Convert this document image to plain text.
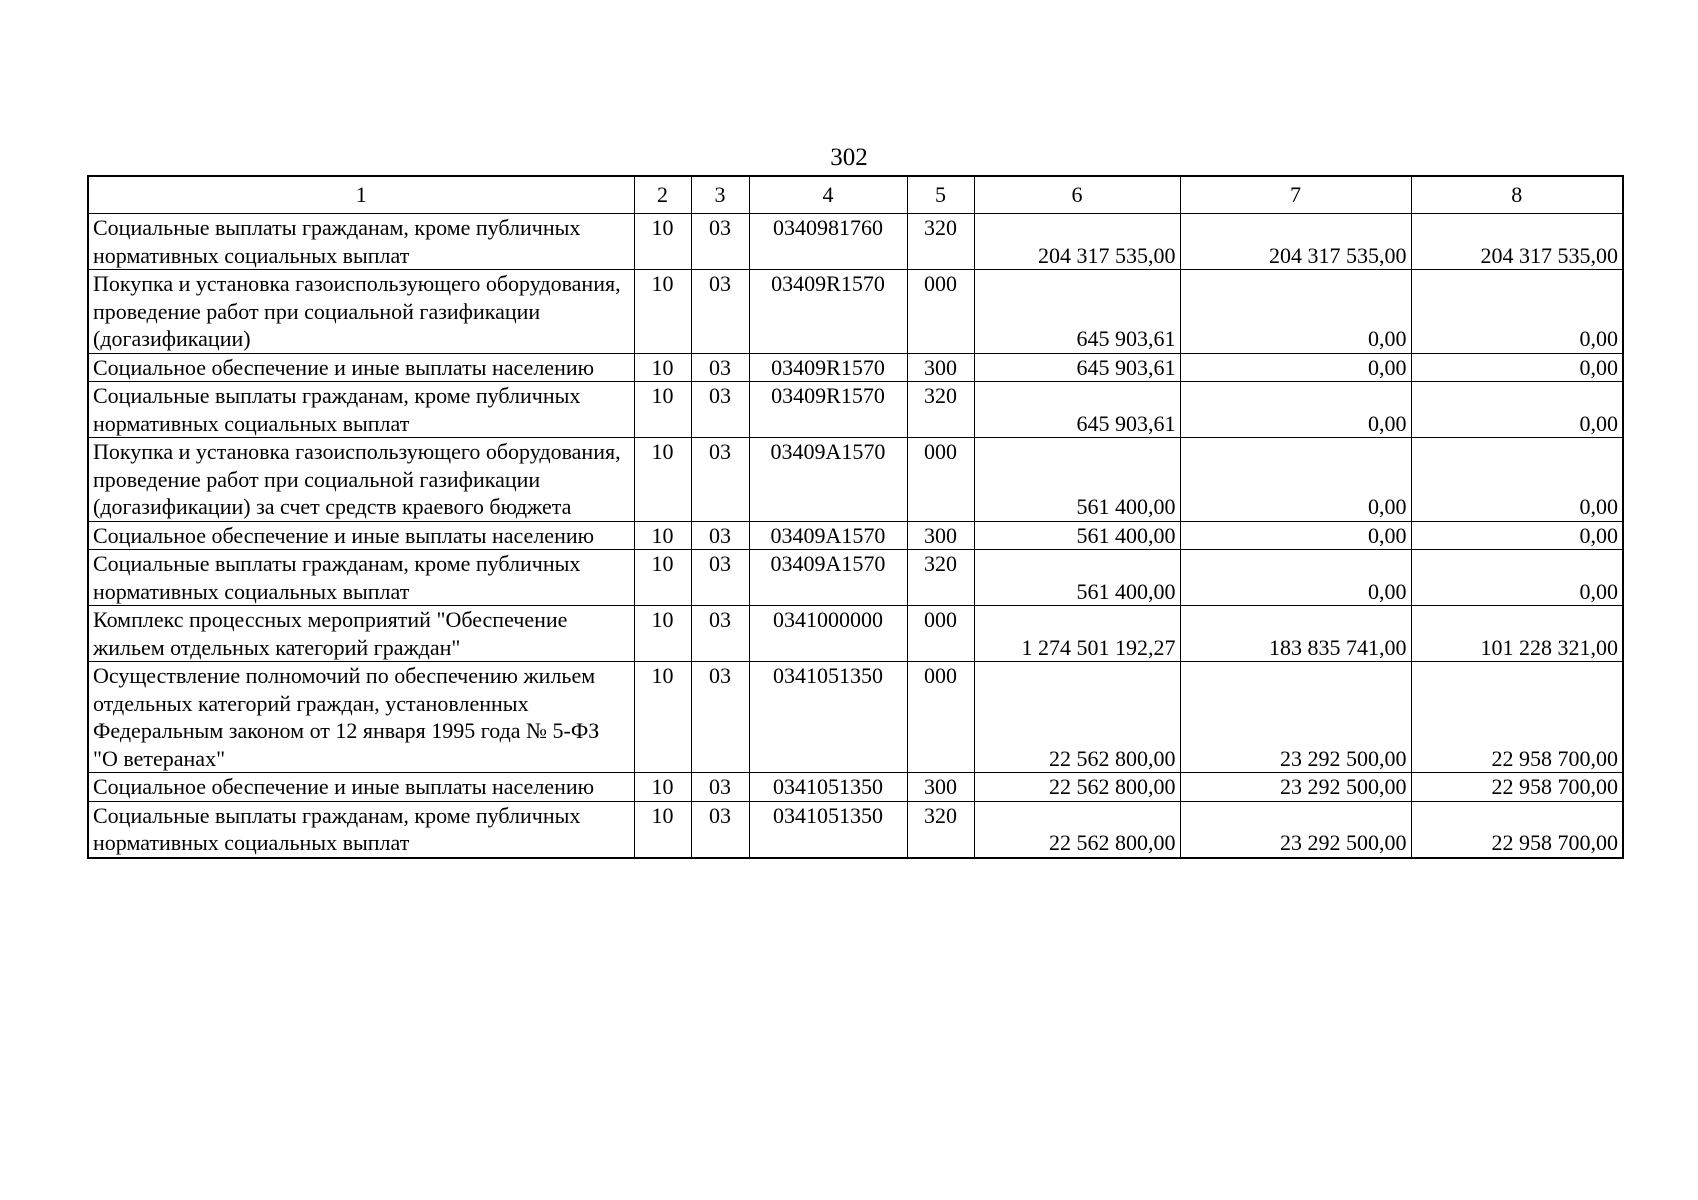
302
1	2	3	4	5	6	7	8
Социальные выплаты гражданам, кроме публичных нормативных социальных выплат	10	03	0340981760	320	204 317 535,00	204 317 535,00	204 317 535,00
Покупка и установка газоиспользующего оборудования, проведение работ при социальной газификации (догазификации)	10	03	03409R1570	000	645 903,61	0,00	0,00
Социальное обеспечение и иные выплаты населению	10	03	03409R1570	300	645 903,61	0,00	0,00
Социальные выплаты гражданам, кроме публичных нормативных социальных выплат	10	03	03409R1570	320	645 903,61	0,00	0,00
Покупка и установка газоиспользующего оборудования, проведение работ при социальной газификации (догазификации) за счет средств краевого бюджета	10	03	03409A1570	000	561 400,00	0,00	0,00
Социальное обеспечение и иные выплаты населению	10	03	03409A1570	300	561 400,00	0,00	0,00
Социальные выплаты гражданам, кроме публичных нормативных социальных выплат	10	03	03409A1570	320	561 400,00	0,00	0,00
Комплекс процессных мероприятий "Обеспечение жильем отдельных категорий граждан"	10	03	0341000000	000	1 274 501 192,27	183 835 741,00	101 228 321,00
Осуществление полномочий по обеспечению жильем отдельных категорий граждан, установленных Федеральным законом от 12 января 1995 года № 5-ФЗ "О ветеранах"	10	03	0341051350	000	22 562 800,00	23 292 500,00	22 958 700,00
Социальное обеспечение и иные выплаты населению	10	03	0341051350	300	22 562 800,00	23 292 500,00	22 958 700,00
Социальные выплаты гражданам, кроме публичных нормативных социальных выплат	10	03	0341051350	320	22 562 800,00	23 292 500,00	22 958 700,00
